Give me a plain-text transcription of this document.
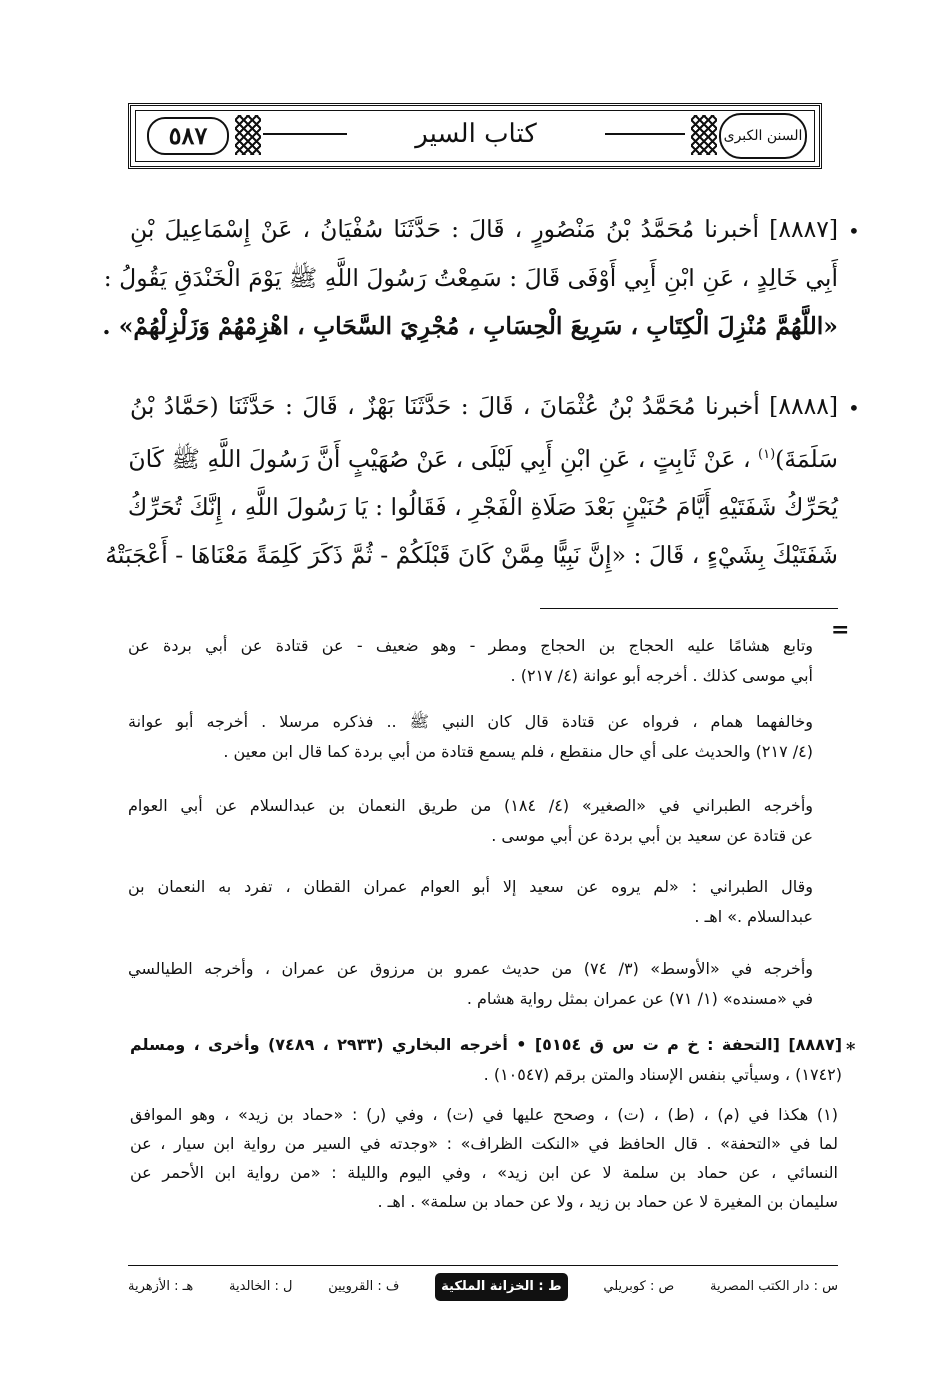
٥٨٧	كتاب السير	السنن الكبرى
•
[٨٨٨٧] أخبرنا مُحَمَّدُ بْنُ مَنْصُورٍ ، قَالَ : حَدَّثَنَا سُفْيَانُ ، عَنْ إِسْمَاعِيلَ بْنِ
أَبِي خَالِدٍ ، عَنِ ابْنِ أَبِي أَوْفَى قَالَ : سَمِعْتُ رَسُولَ اللَّهِ ﷺ يَوْمَ الْخَنْدَقِ يَقُولُ :
«اللَّهُمَّ مُنْزِلَ الْكِتَابِ ، سَرِيعَ الْحِسَابِ ، مُجْرِيَ السَّحَابِ ، اهْزِمْهُمْ وَزَلْزِلْهُمْ» .
•
[٨٨٨٨] أخبرنا مُحَمَّدُ بْنُ عُثْمَانَ ، قَالَ : حَدَّثَنَا بَهْزٌ ، قَالَ : حَدَّثَنَا (حَمَّادُ بْنُ
سَلَمَةَ)$^{(١)}$ ، عَنْ ثَابِتٍ ، عَنِ ابْنِ أَبِي لَيْلَى ، عَنْ صُهَيْبٍ أَنَّ رَسُولَ اللَّهِ ﷺ كَانَ
يُحَرِّكُ شَفَتَيْهِ أَيَّامَ حُنَيْنٍ بَعْدَ صَلَاةِ الْفَجْرِ ، فَقَالُوا : يَا رَسُولَ اللَّهِ ، إِنَّكَ تُحَرِّكُ
شَفَتَيْكَ بِشَيْءٍ ، قَالَ : «إِنَّ نَبِيًّا مِمَّنْ كَانَ قَبْلَكُمْ - ثُمَّ ذَكَرَ كَلِمَةً مَعْنَاهَا - أَعْجَبَتْهُ
=
وتابع هشامًا عليه الحجاج بن الحجاج ومطر - وهو ضعيف - عن قتادة عن أبي بردة عن
أبي موسى كذلك . أخرجه أبو عوانة (٤/ ٢١٧) .
وخالفهما همام ، فرواه عن قتادة قال كان النبي ﷺ .. فذكره مرسلا . أخرجه أبو عوانة
(٤/ ٢١٧) والحديث على أي حال منقطع ، فلم يسمع قتادة من أبي بردة كما قال ابن معين .
وأخرجه الطبراني في «الصغير» (٤/ ١٨٤) من طريق النعمان بن عبدالسلام عن أبي العوام
عن قتادة عن سعيد بن أبي بردة عن أبي موسى .
وقال الطبراني : «لم يروه عن سعيد إلا أبو العوام عمران القطان ، تفرد به النعمان بن
عبدالسلام .» اهـ .
وأخرجه في «الأوسط» (٣/ ٧٤) من حديث عمرو بن مرزوق عن عمران ، وأخرجه الطيالسي
في «مسنده» (١/ ٧١) عن عمران بمثل رواية هشام .
*
[٨٨٨٧] [التحفة : خ م ت س ق ٥١٥٤] • أخرجه البخاري (٢٩٣٣ ، ٧٤٨٩) وأخرى ، ومسلم
(١٧٤٢) ، وسيأتي بنفس الإسناد والمتن برقم (١٠٥٤٧) .
(١) هكذا في (م) ، (ط) ، (ت) ، وصحح عليها في (ت) ، وفي (ر) : «حماد بن زيد» ، وهو الموافق
لما في «التحفة» . قال الحافظ في «النكت الظراف» : «وجدته في السير من رواية ابن سيار ، عن
النسائي ، عن حماد بن سلمة لا عن ابن زيد» ، وفي اليوم والليلة : «من رواية ابن الأحمر عن
سليمان بن المغيرة لا عن حماد بن زيد ، ولا عن حماد بن سلمة» . اهـ .
س : دار الكتب المصرية
ص : كوبريلي
ط : الخزانة الملكية
ف : القرويين
ل : الخالدية
هـ : الأزهرية
